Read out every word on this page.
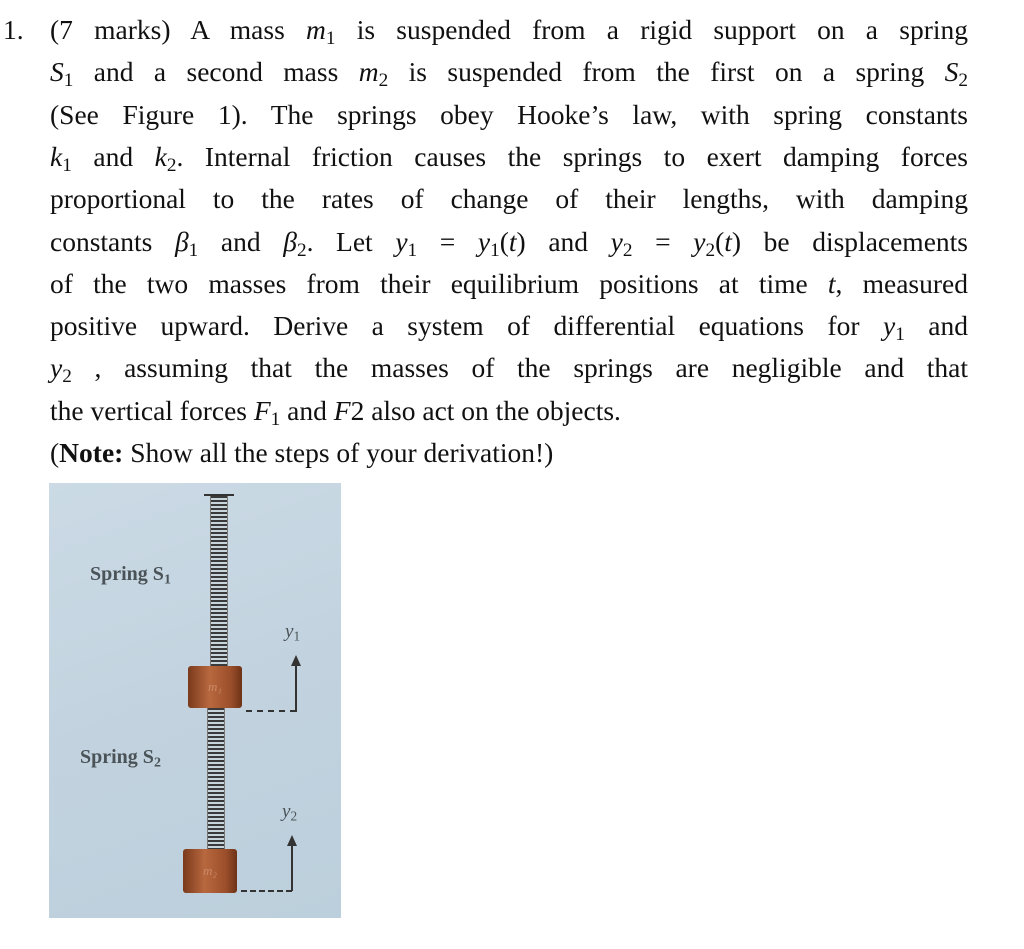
1. (7 marks) A mass $m_1$ is suspended from a rigid support on a spring
$S_1$ and a second mass $m_2$ is suspended from the first on a spring $S_2$
(See Figure 1). The springs obey Hooke’s law, with spring constants
$k_1$ and $k_2$. Internal friction causes the springs to exert damping forces
proportional to the rates of change of their lengths, with damping
constants $\beta_1$ and $\beta_2$. Let $y_1 = y_1(t)$ and $y_2 = y_2(t)$ be displacements
of the two masses from their equilibrium positions at time t, measured
positive upward. Derive a system of differential equations for $y_1$ and
$y_2$ , assuming that the masses of the springs are negligible and that
the vertical forces $F_1$ and F2 also act on the objects.
(Note: Show all the steps of your derivation!)
m₁
m₂
Spring $S_1$
Spring $S_2$
$y_1$
$y_2$
